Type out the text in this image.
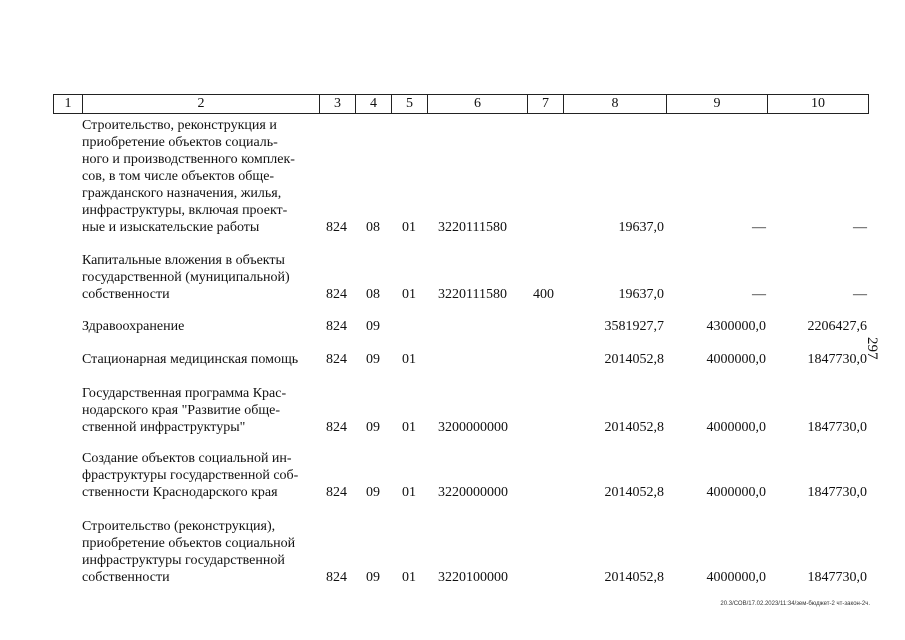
1	2	3	4	5	6	7	8	9	10
Строительство, реконструкция и
приобретение объектов социаль-
ного и производственного комплек-
сов, в том числе объектов обще-
гражданского назначения, жилья,
инфраструктуры, включая проект-
ные и изыскательские работы	824 08 01 3220111580	19637,0	—	—
Капитальные вложения в объекты
государственной (муниципальной)
собственности	824 08 01 3220111580 400	19637,0	—	—
Здравоохранение	824 09	3581927,7	4300000,0	2206427,6
Стационарная медицинская помощь	824 09 01	2014052,8	4000000,0	1847730,0
Государственная программа Крас-
нодарского края "Развитие обще-
ственной инфраструктуры"	824 09 01 3200000000	2014052,8	4000000,0	1847730,0
Создание объектов социальной ин-
фраструктуры государственной соб-
ственности Краснодарского края	824 09 01 3220000000	2014052,8	4000000,0	1847730,0
Строительство (реконструкция),
приобретение объектов социальной
инфраструктуры государственной
собственности	824 09 01 3220100000	2014052,8	4000000,0	1847730,0
297
20.3/СОВ/17.02.2023/11:34/зем-бюджет-2 чт-закон-2ч.
